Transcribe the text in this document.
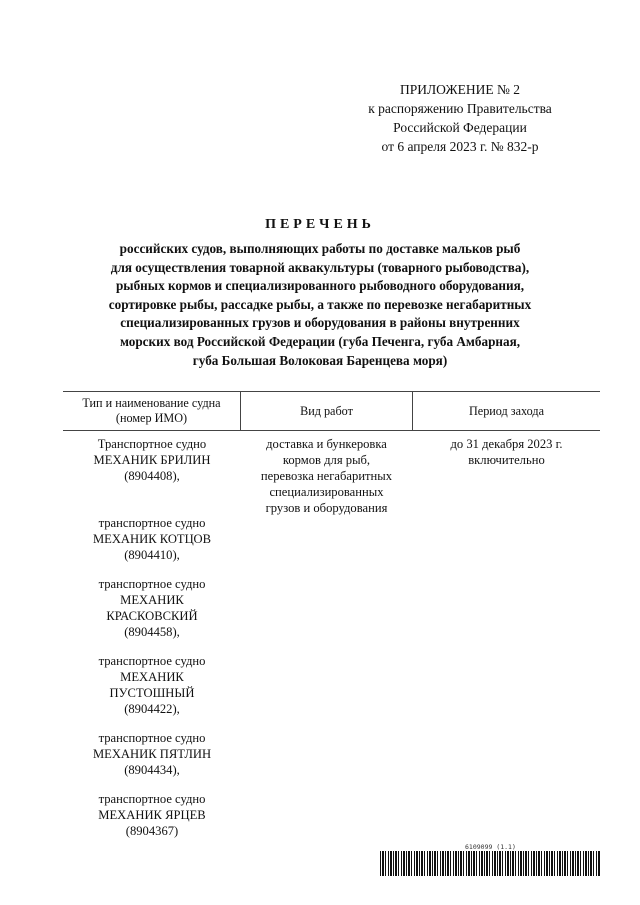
ПРИЛОЖЕНИЕ № 2
к распоряжению Правительства
Российской Федерации
от 6 апреля 2023 г. № 832-р
ПЕРЕЧЕНЬ
российских судов, выполняющих работы по доставке мальков рыб
для осуществления товарной аквакультуры (товарного рыбоводства),
рыбных кормов и специализированного рыбоводного оборудования,
сортировке рыбы, рассадке рыбы, а также по перевозке негабаритных
специализированных грузов и оборудования в районы внутренних
морских вод Российской Федерации (губа Печенга, губа Амбарная,
губа Большая Волоковая Баренцева моря)
Тип и наименование судна
(номер ИМО)
Вид работ	Период захода
Транспортное судно
МЕХАНИК БРИЛИН
(8904408),
транспортное судно
МЕХАНИК КОТЦОВ
(8904410),
транспортное судно
МЕХАНИК
КРАСКОВСКИЙ
(8904458),
транспортное судно
МЕХАНИК
ПУСТОШНЫЙ
(8904422),
транспортное судно
МЕХАНИК ПЯТЛИН
(8904434),
транспортное судно
МЕХАНИК ЯРЦЕВ
(8904367)
доставка и бункеровка
кормов для рыб,
перевозка негабаритных
специализированных
грузов и оборудования
до 31 декабря 2023 г.
включительно
6109099 (1.1)
